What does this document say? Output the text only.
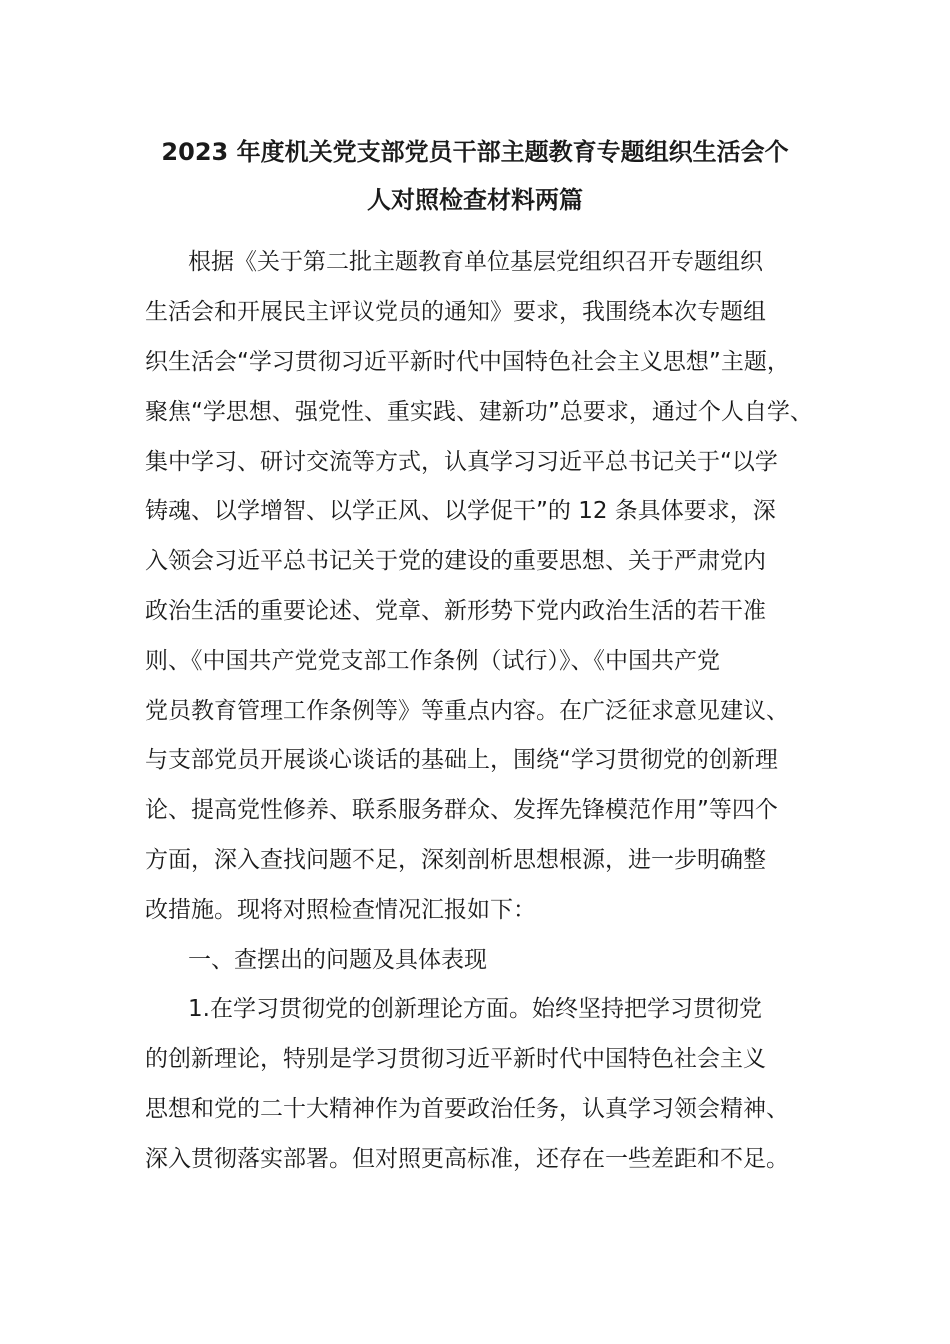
2023 年度机关党支部党员干部主题教育专题组织生活会个
人对照检查材料两篇
根据《关于第二批主题教育单位基层党组织召开专题组织
生活会和开展民主评议党员的通知》要求，我围绕本次专题组
织生活会“学习贯彻习近平新时代中国特色社会主义思想”主题，
聚焦“学思想、强党性、重实践、建新功”总要求，通过个人自学、
集中学习、研讨交流等方式，认真学习习近平总书记关于“以学
铸魂、以学增智、以学正风、以学促干”的 12 条具体要求，深
入领会习近平总书记关于党的建设的重要思想、关于严肃党内
政治生活的重要论述、党章、新形势下党内政治生活的若干准
则、《中国共产党党支部工作条例（试行）》、《中国共产党
党员教育管理工作条例等》等重点内容。在广泛征求意见建议、
与支部党员开展谈心谈话的基础上，围绕“学习贯彻党的创新理
论、提高党性修养、联系服务群众、发挥先锋模范作用”等四个
方面，深入查找问题不足，深刻剖析思想根源，进一步明确整
改措施。现将对照检查情况汇报如下：
一、查摆出的问题及具体表现
1.在学习贯彻党的创新理论方面。始终坚持把学习贯彻党
的创新理论，特别是学习贯彻习近平新时代中国特色社会主义
思想和党的二十大精神作为首要政治任务，认真学习领会精神、
深入贯彻落实部署。但对照更高标准，还存在一些差距和不足。
